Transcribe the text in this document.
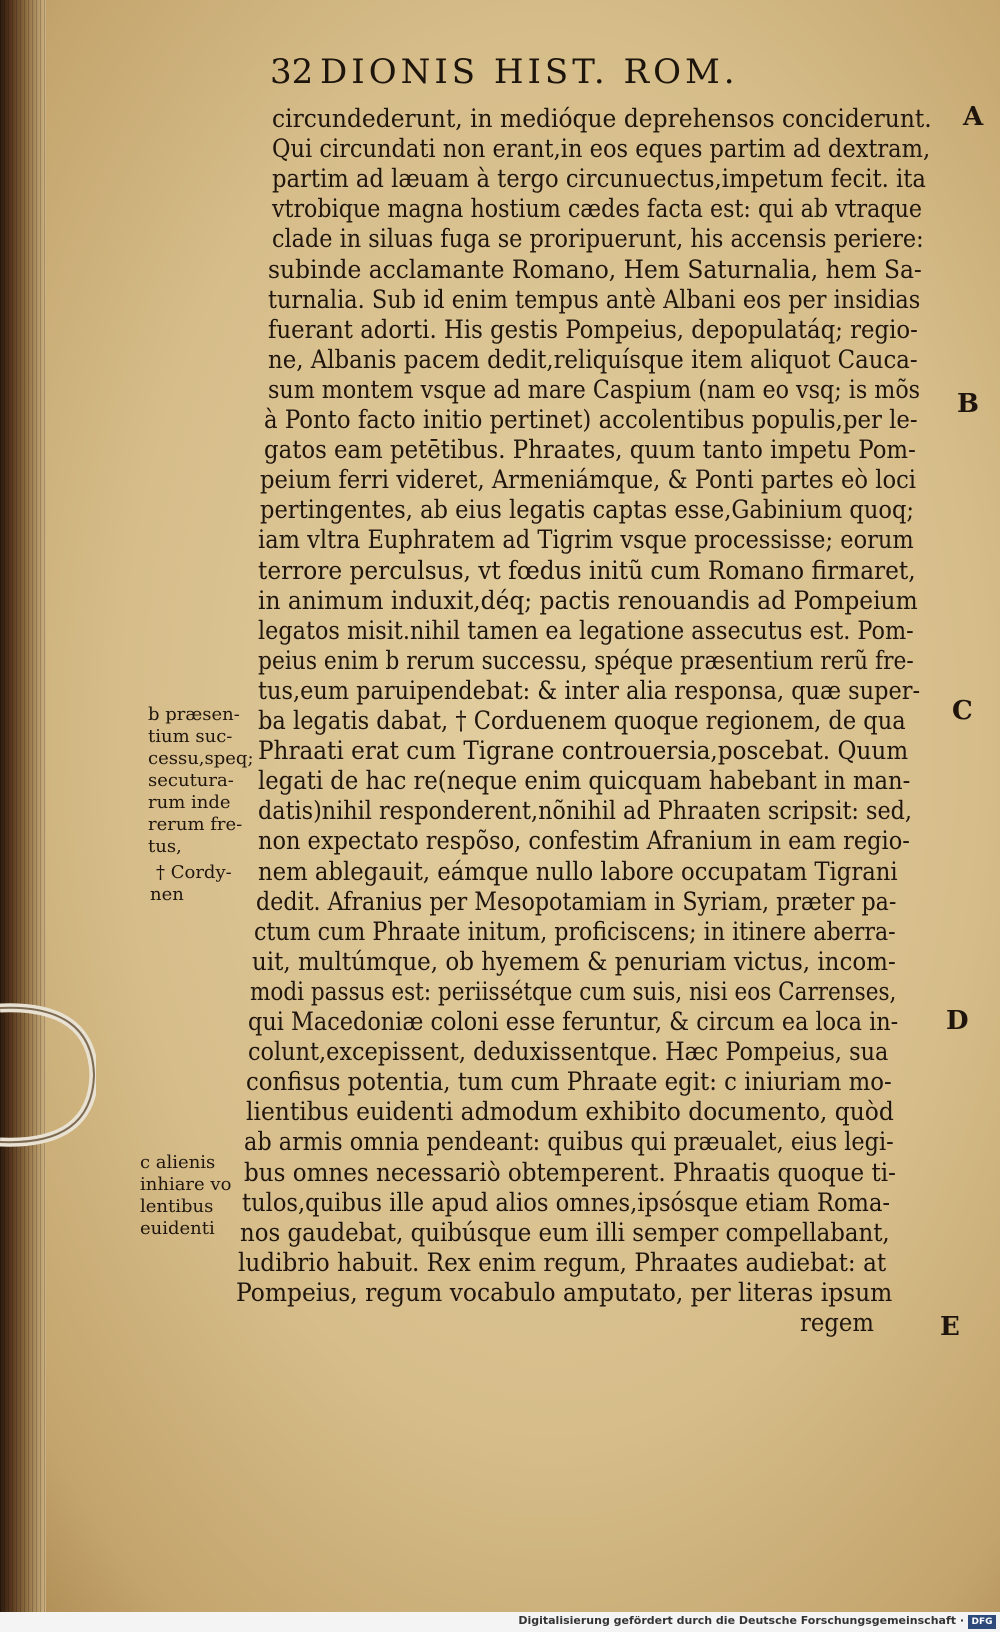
32 DIONIS HIST. ROM.
circundederunt, in medióque deprehensos conciderunt.
Qui circundati non erant,in eos eques partim ad dextram,
partim ad læuam à tergo circunuectus,impetum fecit. ita
vtrobique magna hostium cædes facta est: qui ab vtraque
clade in siluas fuga se proripuerunt, his accensis periere:
subinde acclamante Romano, Hem Saturnalia, hem Sa-
turnalia. Sub id enim tempus antè Albani eos per insidias
fuerant adorti. His gestis Pompeius, depopulatáq; regio-
ne, Albanis pacem dedit,reliquísque item aliquot Cauca-
sum montem vsque ad mare Caspium (nam eo vsq; is mõs
à Ponto facto initio pertinet) accolentibus populis,per le-
gatos eam petētibus. Phraates, quum tanto impetu Pom-
peium ferri videret, Armeniámque, & Ponti partes eò loci
pertingentes, ab eius legatis captas esse,Gabinium quoq;
iam vltra Euphratem ad Tigrim vsque processisse; eorum
terrore perculsus, vt fœdus initũ cum Romano firmaret,
in animum induxit,déq; pactis renouandis ad Pompeium
legatos misit.nihil tamen ea legatione assecutus est. Pom-
peius enim b rerum successu, spéque præsentium rerũ fre-
tus,eum paruipendebat: & inter alia responsa, quæ super-
ba legatis dabat, † Corduenem quoque regionem, de qua
Phraati erat cum Tigrane controuersia,poscebat. Quum
legati de hac re(neque enim quicquam habebant in man-
datis)nihil responderent,nõnihil ad Phraaten scripsit: sed,
non expectato respõso, confestim Afranium in eam regio-
nem ablegauit, eámque nullo labore occupatam Tigrani
dedit. Afranius per Mesopotamiam in Syriam, præter pa-
ctum cum Phraate initum, proficiscens; in itinere aberra-
uit, multúmque, ob hyemem & penuriam victus, incom-
modi passus est: periissétque cum suis, nisi eos Carrenses,
qui Macedoniæ coloni esse feruntur, & circum ea loca in-
colunt,excepissent, deduxissentque. Hæc Pompeius, sua
confisus potentia, tum cum Phraate egit: c iniuriam mo-
lientibus euidenti admodum exhibito documento, quòd
ab armis omnia pendeant: quibus qui præualet, eius legi-
bus omnes necessariò obtemperent. Phraatis quoque ti-
tulos,quibus ille apud alios omnes,ipsósque etiam Roma-
nos gaudebat, quibúsque eum illi semper compellabant,
ludibrio habuit. Rex enim regum, Phraates audiebat: at
Pompeius, regum vocabulo amputato, per literas ipsum
regem
A
B
C
D
E
b præsen-
tium suc-
cessu,speq;
secutura-
rum inde
rerum fre-
tus,
† Cordy-
nen
c alienis
inhiare vo
lentibus
euidenti
Digitalisierung gefördert durch die Deutsche Forschungsgemeinschaft · DFG
